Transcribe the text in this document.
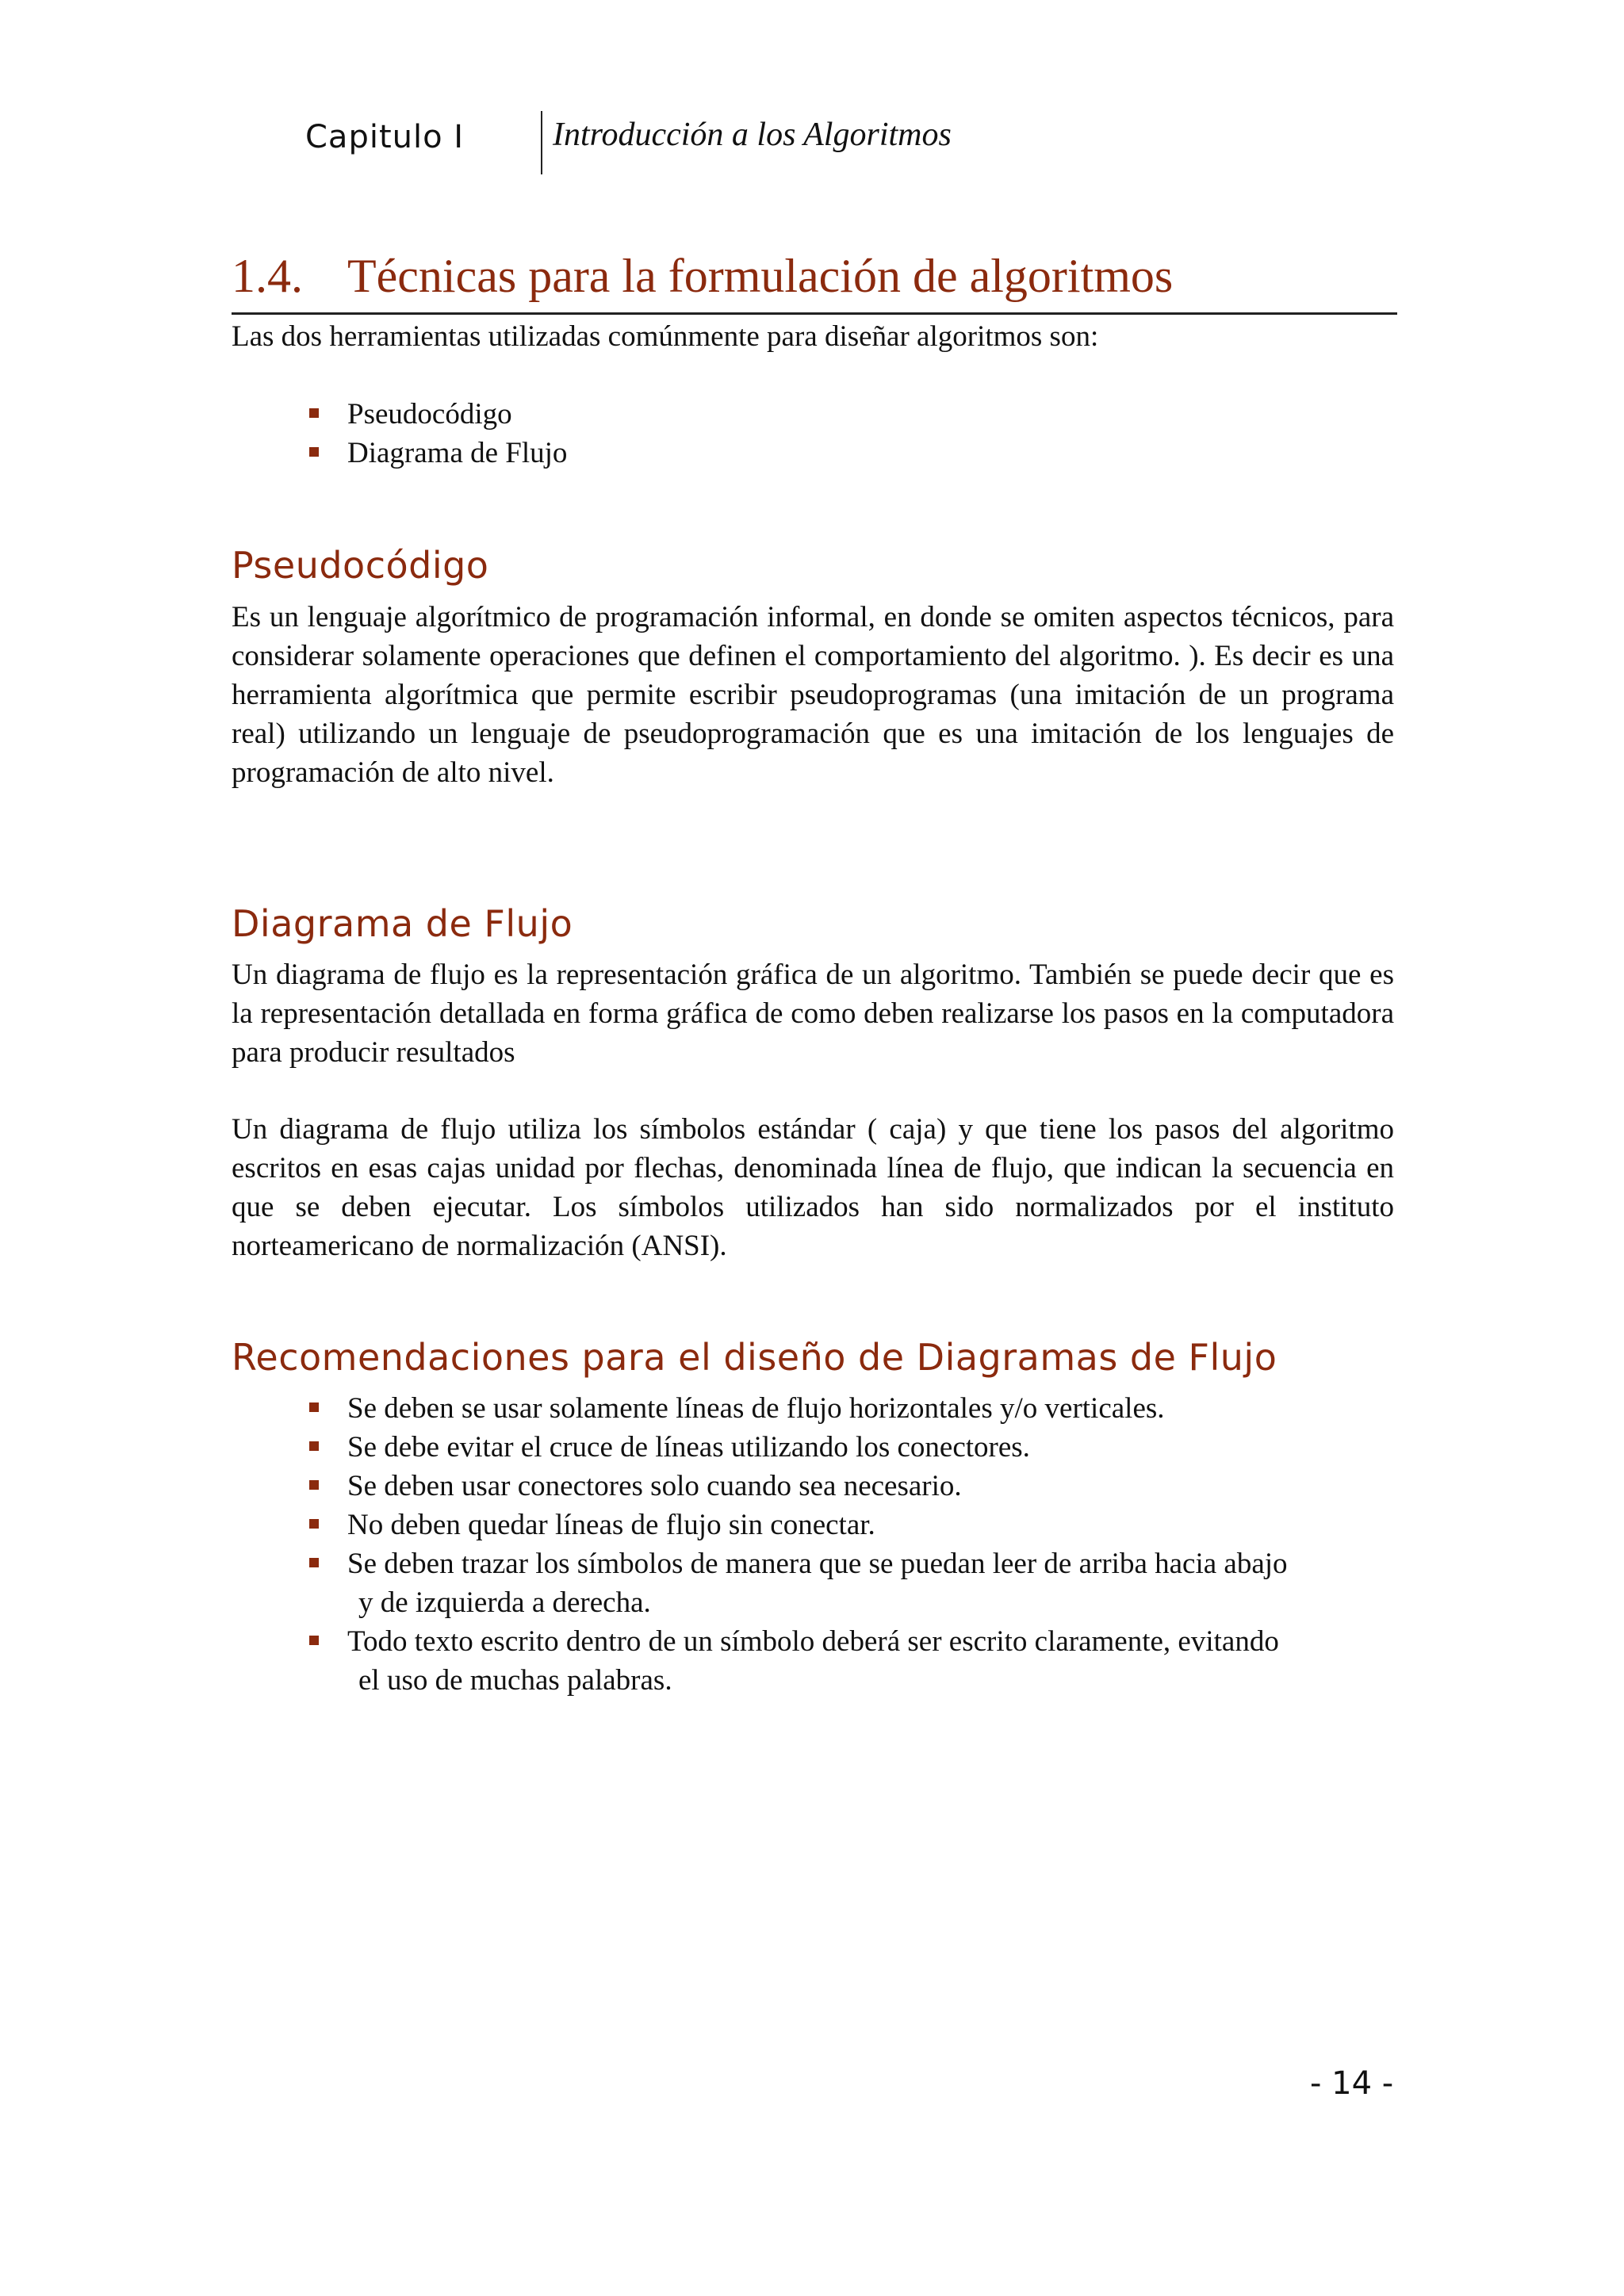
Capitulo I	Introducción a los Algoritmos
1.4. Técnicas para la formulación de algoritmos

Las dos herramientas utilizadas comúnmente para diseñar algoritmos son:

Pseudocódigo
Diagrama de Flujo
Pseudocódigo

Es un lenguaje algorítmico de programación informal, en donde se omiten aspectos técnicos, para considerar solamente operaciones que definen el comportamiento del algoritmo. ). Es decir es una herramienta algorítmica que permite escribir pseudoprogramas (una imitación de un programa real) utilizando un lenguaje de pseudoprogramación que es una imitación de los lenguajes de programación de alto nivel.

Diagrama de Flujo

Un diagrama de flujo es la representación gráfica de un algoritmo. También se puede decir que es la representación detallada en forma gráfica de como deben realizarse los pasos en la computadora para producir resultados

Un diagrama de flujo utiliza los símbolos estándar ( caja) y que tiene los pasos del algoritmo escritos en esas cajas unidad por flechas, denominada línea de flujo, que indican la secuencia en que se deben ejecutar. Los símbolos utilizados han sido normalizados por el instituto norteamericano de normalización (ANSI).

Recomendaciones para el diseño de Diagramas de Flujo
Se deben se usar solamente líneas de flujo horizontales y/o verticales.
Se debe evitar el cruce de líneas utilizando los conectores.
Se deben usar conectores solo cuando sea necesario.
No deben quedar líneas de flujo sin conectar.
Se deben trazar los símbolos de manera que se puedan leer de arriba hacia abajo
y de izquierda a derecha.
Todo texto escrito dentro de un símbolo deberá ser escrito claramente, evitando
el uso de muchas palabras.
- 14 -
